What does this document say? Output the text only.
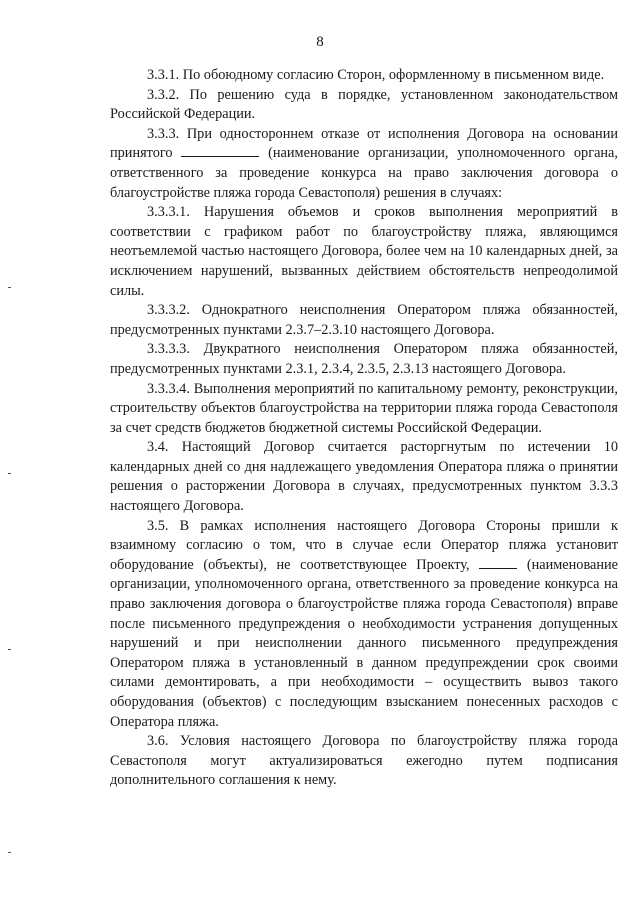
8

3.3.1. По обоюдному согласию Сторон, оформленному в письменном виде.

3.3.2. По решению суда в порядке, установленном законодательством Российской Федерации.

3.3.3. При одностороннем отказе от исполнения Договора на основании принятого	(наименование организации, уполномоченного органа, ответственного за проведение конкурса на право заключения договора о благоустройстве пляжа города Севастополя) решения в случаях:

3.3.3.1. Нарушения объемов и сроков выполнения мероприятий в соответствии с графиком работ по благоустройству пляжа, являющимся неотъемлемой частью настоящего Договора, более чем на 10 календарных дней, за исключением нарушений, вызванных действием обстоятельств непреодолимой силы.

3.3.3.2. Однократного неисполнения Оператором пляжа обязанностей, предусмотренных пунктами 2.3.7–2.3.10 настоящего Договора.

3.3.3.3. Двукратного неисполнения Оператором пляжа обязанностей, предусмотренных пунктами 2.3.1, 2.3.4, 2.3.5, 2.3.13 настоящего Договора.

3.3.3.4. Выполнения мероприятий по капитальному ремонту, реконструкции, строительству объектов благоустройства на территории пляжа города Севастополя за счет средств бюджетов бюджетной системы Российской Федерации.

3.4. Настоящий Договор считается расторгнутым по истечении 10 календарных дней со дня надлежащего уведомления Оператора пляжа о принятии решения о расторжении Договора в случаях, предусмотренных пунктом 3.3.3 настоящего Договора.

3.5. В рамках исполнения настоящего Договора Стороны пришли к взаимному согласию о том, что в случае если Оператор пляжа установит оборудование (объекты), не соответствующее Проекту,	(наименование организации, уполномоченного органа, ответственного за проведение конкурса на право заключения договора о благоустройстве пляжа города Севастополя) вправе после письменного предупреждения о необходимости устранения допущенных нарушений и при неисполнении данного письменного предупреждения Оператором пляжа в установленный в данном предупреждении срок своими силами демонтировать, а при необходимости – осуществить вывоз такого оборудования (объектов) с последующим взысканием понесенных расходов с Оператора пляжа.

3.6. Условия настоящего Договора по благоустройству пляжа города Севастополя могут актуализироваться ежегодно путем подписания дополнительного соглашения к нему.
